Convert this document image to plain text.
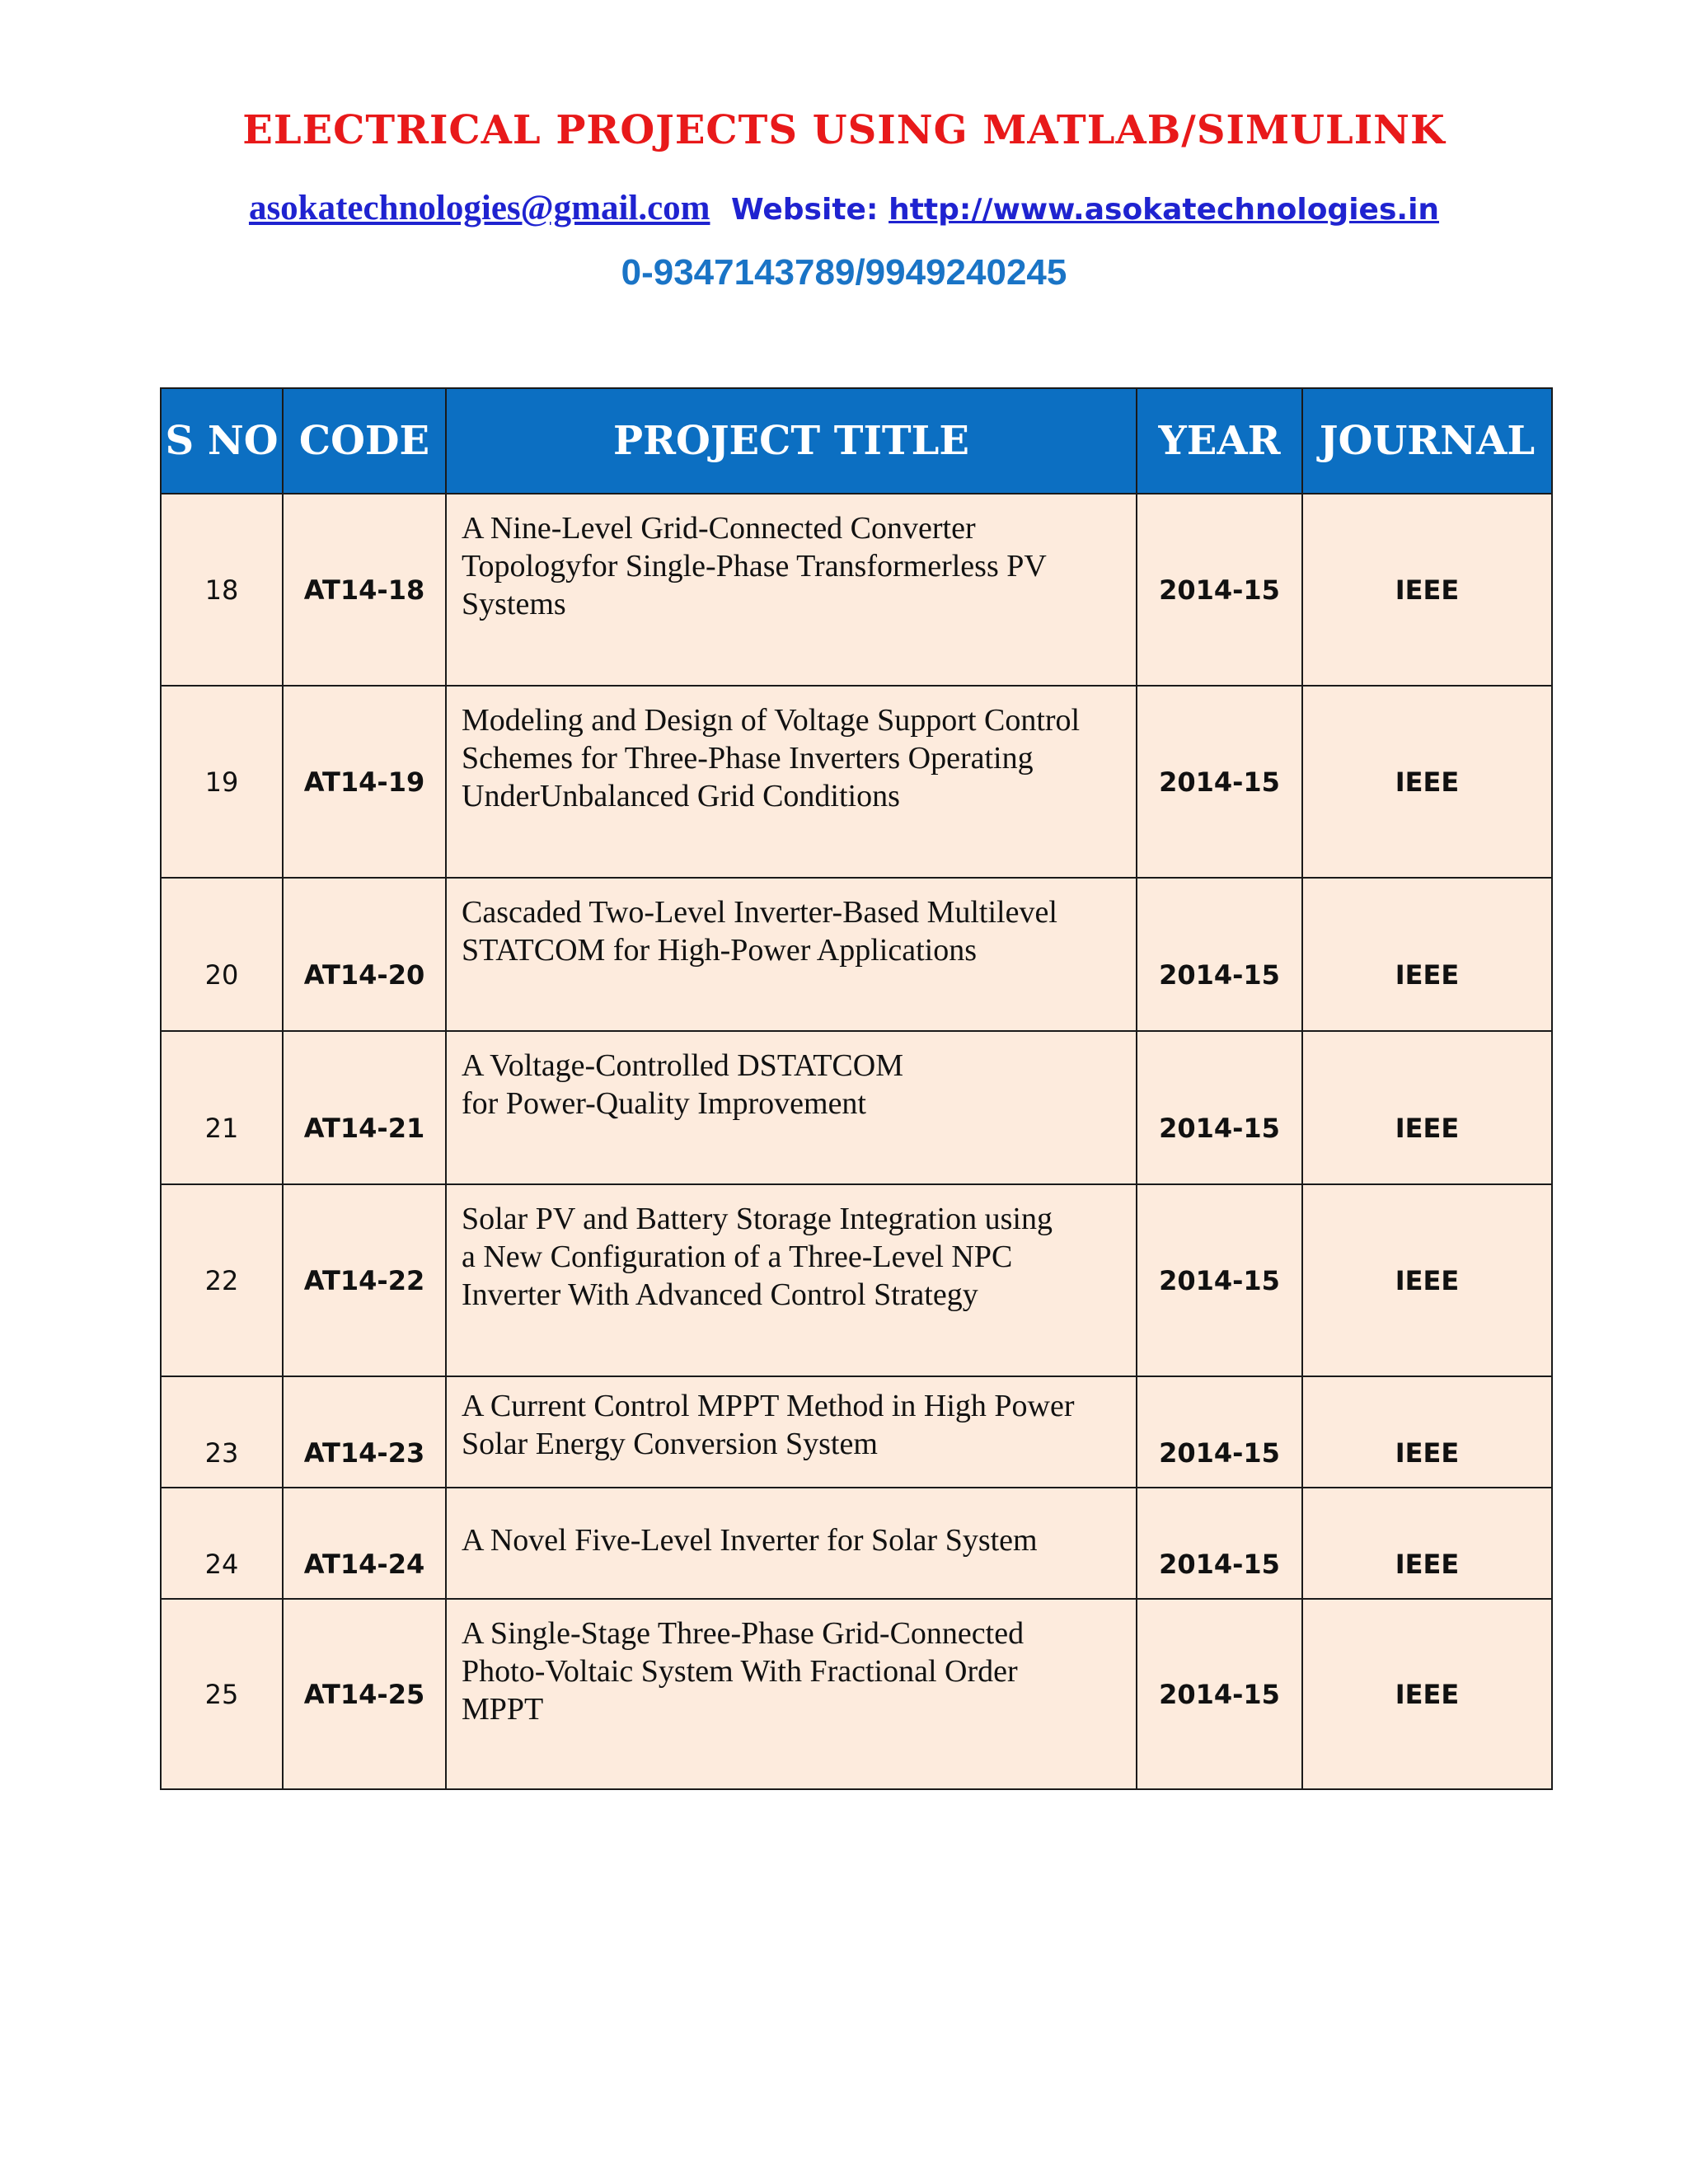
ELECTRICAL PROJECTS USING MATLAB/SIMULINK
asokatechnologies@gmail.com Website: http://www.asokatechnologies.in
0-9347143789/9949240245
S NO	CODE	PROJECT TITLE	YEAR	JOURNAL
18	AT14-18	A Nine-Level Grid-Connected Converter
Topologyfor Single-Phase Transformerless PV
Systems	2014-15	IEEE
19	AT14-19	Modeling and Design of Voltage Support Control
Schemes for Three-Phase Inverters Operating
UnderUnbalanced Grid Conditions	2014-15	IEEE
20	AT14-20	Cascaded Two-Level Inverter-Based Multilevel
STATCOM for High-Power Applications	2014-15	IEEE
21	AT14-21	A Voltage-Controlled DSTATCOM
for Power-Quality Improvement	2014-15	IEEE
22	AT14-22	Solar PV and Battery Storage Integration using
a New Configuration of a Three-Level NPC
Inverter With Advanced Control Strategy	2014-15	IEEE
23	AT14-23	A Current Control MPPT Method in High Power
Solar Energy Conversion System	2014-15	IEEE
24	AT14-24	A Novel Five-Level Inverter for Solar System	2014-15	IEEE
25	AT14-25	A Single-Stage Three-Phase Grid-Connected
Photo-Voltaic System With Fractional Order
MPPT	2014-15	IEEE
